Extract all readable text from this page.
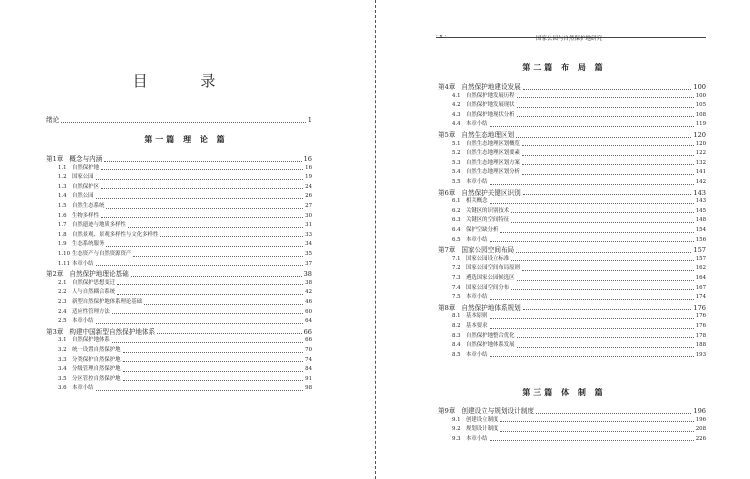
目 录
绪论	1
第一篇 理 论 篇
第1章 概念与内涵	16
1.1	自然保护地	16
1.2	国家公园	19
1.3	自然保护区	24
1.4	自然公园	26
1.5	自然生态系统	27
1.6	生物多样性	30
1.7	自然遗迹与地质多样性	31
1.8	自然景观、景观多样性与文化多样性	33
1.9	生态系统服务	34
1.10 生态资产与自然资源资产	35
1.11 本章小结	37
第2章 自然保护地理论基础	38
2.1	自然保护思想变迁	38
2.2	人与自然耦合系统	42
2.3	新型自然保护地体系理论基础	46
2.4	适应性管理方法	60
2.5	本章小结	64
第3章 构建中国新型自然保护地体系	66
3.1	自然保护地体系	66
3.2	统一设置自然保护地	70
3.3	分类保护自然保护地	74
3.4	分级管理自然保护地	84
3.5	分区管控自然保护地	91
3.6	本章小结	98
· x ·	国家公园与自然保护地研究
第二篇 布 局 篇
第4章 自然保护地建设发展	100
4.1	自然保护地发展历程	100
4.2	自然保护地发展现状	105
4.3	自然保护地现状分析	108
4.4	本章小结	119
第5章 自然生态地理区划	120
5.1	自然生态地理区划概览	120
5.2	自然生态地理区划要素	122
5.3	自然生态地理区划方案	132
5.4	自然生态地理区划分析	141
5.5	本章小结	142
第6章 自然保护关键区识别	143
6.1	相关概念	143
6.2	关键区的识别技术	145
6.3	关键区的空间特征	148
6.4	保护空缺分析	154
6.5	本章小结	156
第7章 国家公园空间布局	157
7.1	国家公园设立标准	157
7.2	国家公园空间布局原则	162
7.3	遴选国家公园候选区	164
7.4	国家公园空间分布	167
7.5	本章小结	174
第8章 自然保护地体系规划	176
8.1	基本原则	176
8.2	基本要求	176
8.3	自然保护地整合优化	178
8.4	自然保护地体系发展	188
8.5	本章小结	193
第三篇 体 制 篇
第9章 创建设立与规划设计制度	196
9.1	创建设立制度	196
9.2	规划设计制度	208
9.3	本章小结	226
